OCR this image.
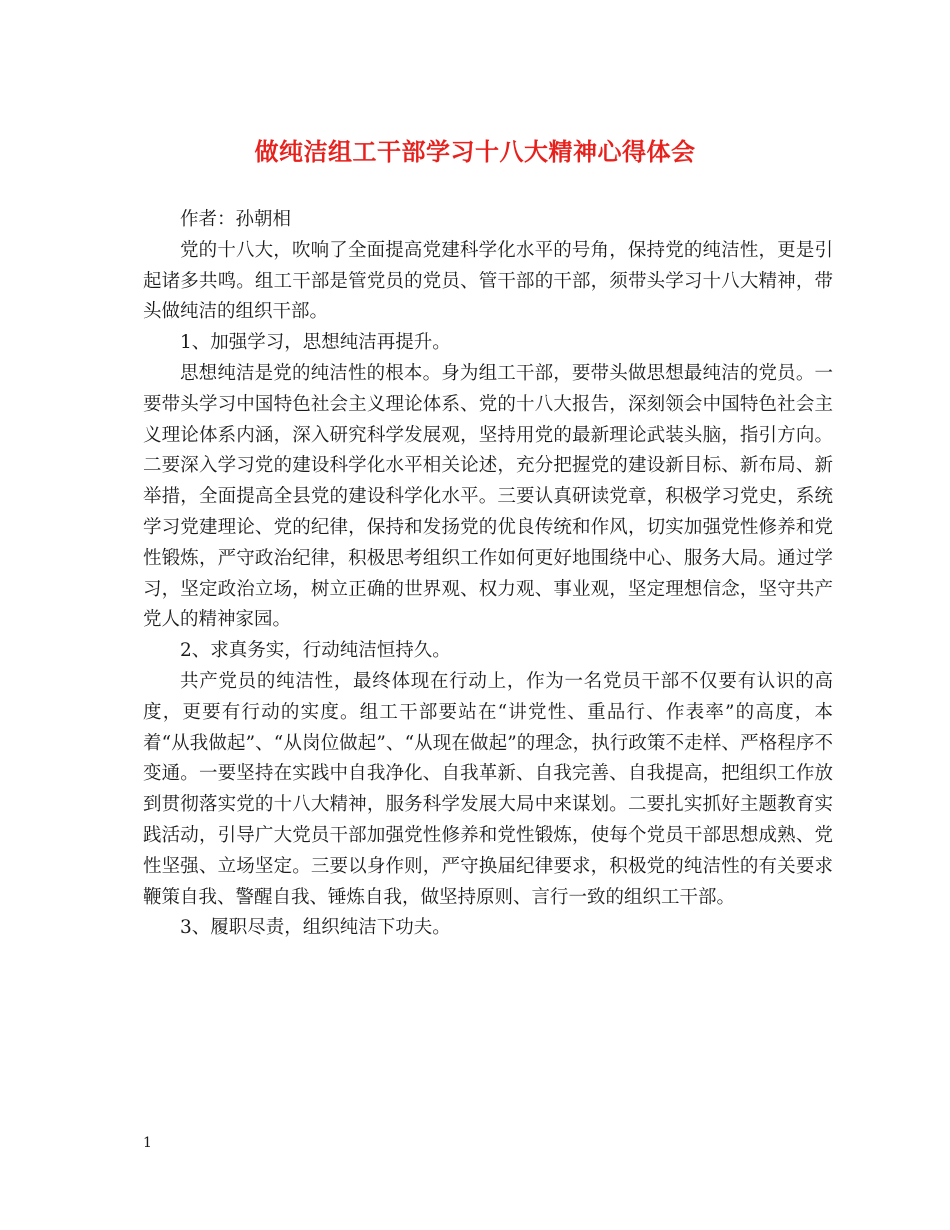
做纯洁组工干部学习十八大精神心得体会

作者：孙朝相

党的十八大，吹响了全面提高党建科学化水平的号角，保持党的纯洁性，更是引起诸多共鸣。组工干部是管党员的党员、管干部的干部，须带头学习十八大精神，带头做纯洁的组织干部。

1、加强学习，思想纯洁再提升。

思想纯洁是党的纯洁性的根本。身为组工干部，要带头做思想最纯洁的党员。一要带头学习中国特色社会主义理论体系、党的十八大报告，深刻领会中国特色社会主义理论体系内涵，深入研究科学发展观，坚持用党的最新理论武装头脑，指引方向。二要深入学习党的建设科学化水平相关论述，充分把握党的建设新目标、新布局、新举措，全面提高全县党的建设科学化水平。三要认真研读党章，积极学习党史，系统学习党建理论、党的纪律，保持和发扬党的优良传统和作风，切实加强党性修养和党性锻炼，严守政治纪律，积极思考组织工作如何更好地围绕中心、服务大局。通过学习，坚定政治立场，树立正确的世界观、权力观、事业观，坚定理想信念，坚守共产党人的精神家园。

2、求真务实，行动纯洁恒持久。

共产党员的纯洁性，最终体现在行动上，作为一名党员干部不仅要有认识的高度，更要有行动的实度。组工干部要站在“讲党性、重品行、作表率”的高度，本着“从我做起”、“从岗位做起”、“从现在做起”的理念，执行政策不走样、严格程序不变通。一要坚持在实践中自我净化、自我革新、自我完善、自我提高，把组织工作放到贯彻落实党的十八大精神，服务科学发展大局中来谋划。二要扎实抓好主题教育实践活动，引导广大党员干部加强党性修养和党性锻炼，使每个党员干部思想成熟、党性坚强、立场坚定。三要以身作则，严守换届纪律要求，积极党的纯洁性的有关要求鞭策自我、警醒自我、锤炼自我，做坚持原则、言行一致的组织工干部。

3、履职尽责，组织纯洁下功夫。

1
